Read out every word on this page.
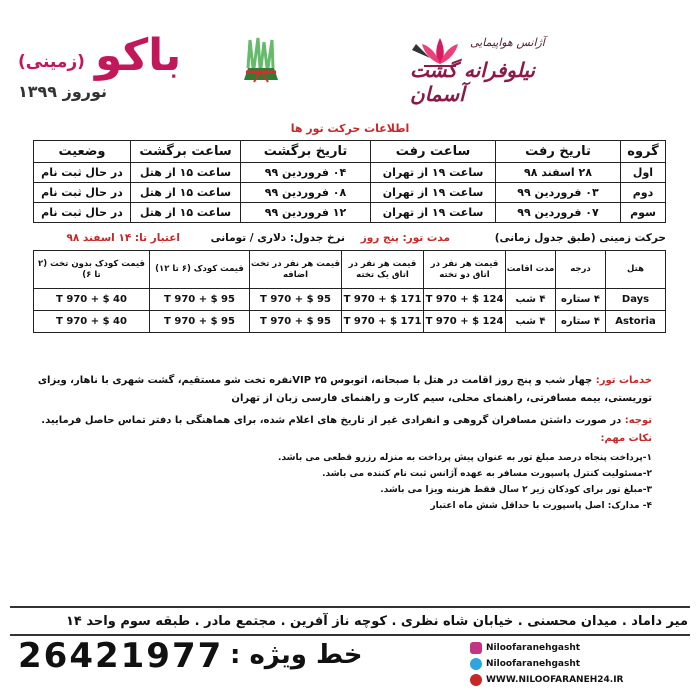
آژانس هواپیمایی
نیلوفرانه گشت آسمان
باکو
(زمینی)
نوروز ۱۳۹۹
اطلاعات حرکت تور ها
گروه	تاریخ رفت	ساعت رفت	تاریخ برگشت	ساعت برگشت	وضعیت
اول	۲۸ اسفند ۹۸	ساعت ۱۹ از تهران	۰۴ فروردین ۹۹	ساعت ۱۵ از هتل	در حال ثبت نام
دوم	۰۳ فروردین ۹۹	ساعت ۱۹ از تهران	۰۸ فروردین ۹۹	ساعت ۱۵ از هتل	در حال ثبت نام
سوم	۰۷ فروردین ۹۹	ساعت ۱۹ از تهران	۱۲ فروردین ۹۹	ساعت ۱۵ از هتل	در حال ثبت نام
حرکت زمینی (طبق جدول زمانی)
مدت تور: پنج روز
نرخ جدول: دلاری / تومانی
اعتبار تا: ۱۴ اسفند ۹۸
هتل	درجه	مدت اقامت	قیمت هر نفر در اتاق دو تخته	قیمت هر نفر در اتاق یک تخته	قیمت هر نفر در تخت اضافه	قیمت کودک (۶ تا ۱۲)	قیمت کودک بدون تخت (۲ تا ۶)
Days	۴ ستاره	۴ شب	124 $ + 970 T	171 $ + 970 T	95 $ + 970 T	95 $ + 970 T	40 $ + 970 T
Astoria	۴ ستاره	۴ شب	124 $ + 970 T	171 $ + 970 T	95 $ + 970 T	95 $ + 970 T	40 $ + 970 T
خدمات تور: چهار شب و پنج روز اقامت در هتل با صبحانه، اتوبوس VIP ۲۵نفره تخت شو مستقیم، گشت شهری با ناهار، ویزای
توریستی، بیمه مسافرتی، راهنمای محلی، سیم کارت و راهنمای فارسی زبان از تهران
توجه: در صورت داشتن مسافران گروهی و انفرادی غیر از تاریخ های اعلام شده، برای هماهنگی با دفتر تماس حاصل فرمایید.
نکات مهم:
۱-پرداخت پنجاه درصد مبلغ تور به عنوان پیش پرداخت به منزله رزرو قطعی می باشد.
۲-مسئولیت کنترل پاسپورت مسافر به عهده آژانس ثبت نام کننده می باشد.
۳-مبلغ تور برای کودکان زیر ۲ سال فقط هزینه ویزا می باشد.
۴- مدارک: اصل پاسپورت با حداقل شش ماه اعتبار
میر داماد . میدان محسنی . خیابان شاه نظری . کوچه ناز آفرین . مجتمع مادر . طبقه سوم واحد ۱۴
Niloofaranehgasht
Niloofaranehgasht
WWW.NILOOFARANEH24.IR
خط ویژه :
26421977
